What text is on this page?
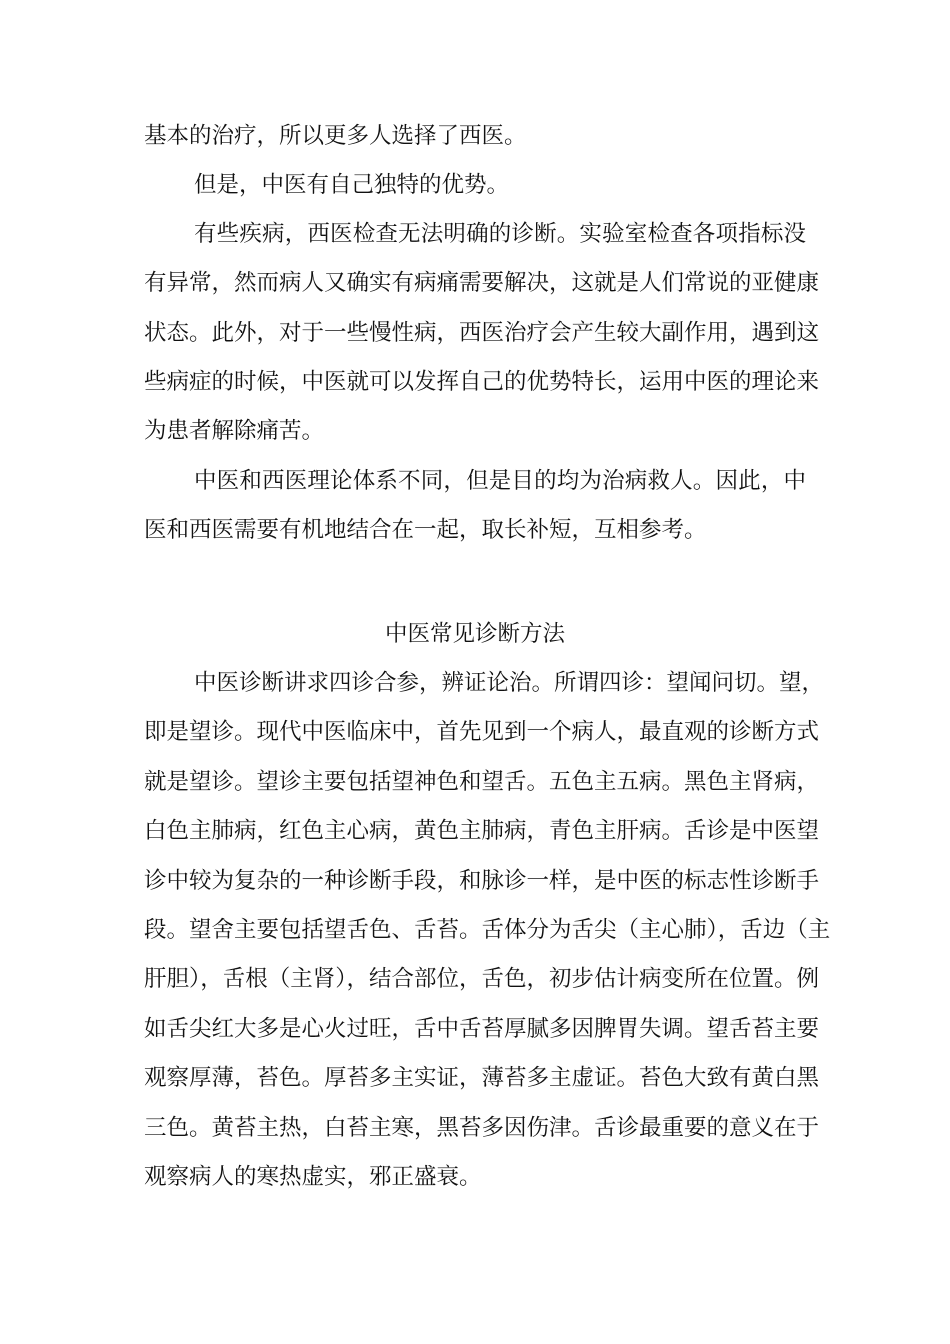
基本的治疗，所以更多人选择了西医。
但是，中医有自己独特的优势。
有些疾病，西医检查无法明确的诊断。实验室检查各项指标没
有异常，然而病人又确实有病痛需要解决，这就是人们常说的亚健康
状态。此外，对于一些慢性病，西医治疗会产生较大副作用，遇到这
些病症的时候，中医就可以发挥自己的优势特长，运用中医的理论来
为患者解除痛苦。
中医和西医理论体系不同，但是目的均为治病救人。因此，中
医和西医需要有机地结合在一起，取长补短，互相参考。
中医常见诊断方法
中医诊断讲求四诊合参，辨证论治。所谓四诊：望闻问切。望，
即是望诊。现代中医临床中，首先见到一个病人，最直观的诊断方式
就是望诊。望诊主要包括望神色和望舌。五色主五病。黑色主肾病，
白色主肺病，红色主心病，黄色主肺病，青色主肝病。舌诊是中医望
诊中较为复杂的一种诊断手段，和脉诊一样，是中医的标志性诊断手
段。望舍主要包括望舌色、舌苔。舌体分为舌尖（主心肺），舌边（主
肝胆），舌根（主肾），结合部位，舌色，初步估计病变所在位置。例
如舌尖红大多是心火过旺，舌中舌苔厚腻多因脾胃失调。望舌苔主要
观察厚薄，苔色。厚苔多主实证，薄苔多主虚证。苔色大致有黄白黑
三色。黄苔主热，白苔主寒，黑苔多因伤津。舌诊最重要的意义在于
观察病人的寒热虚实，邪正盛衰。
